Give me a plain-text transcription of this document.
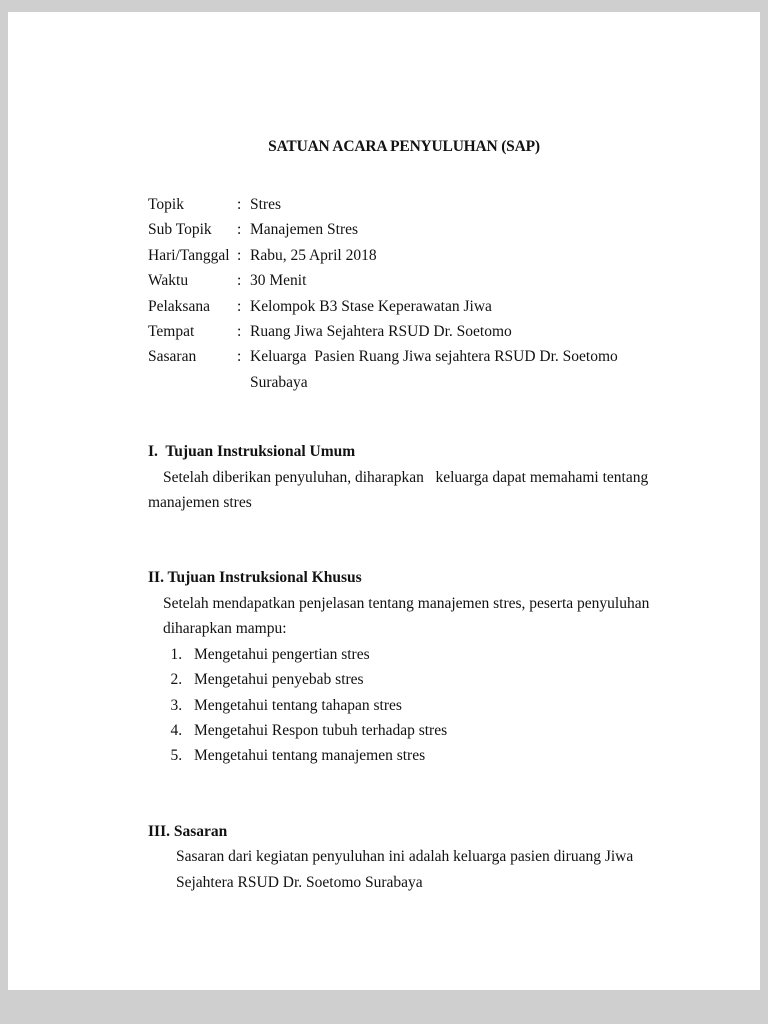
SATUAN ACARA PENYULUHAN (SAP)
Topik	: Stres
Sub Topik	: Manajemen Stres
Hari/Tanggal : Rabu, 25 April 2018
Waktu	: 30 Menit
Pelaksana	: Kelompok B3 Stase Keperawatan Jiwa
Tempat	: Ruang Jiwa Sejahtera RSUD Dr. Soetomo
Sasaran	: Keluarga  Pasien Ruang Jiwa sejahtera RSUD Dr. Soetomo
Surabaya
I.  Tujuan Instruksional Umum

Setelah diberikan penyuluhan, diharapkan   keluarga dapat memahami tentang manajemen stres

II. Tujuan Instruksional Khusus

Setelah mendapatkan penjelasan tentang manajemen stres, peserta penyuluhan diharapkan mampu:

1. Mengetahui pengertian stres
2. Mengetahui penyebab stres
3. Mengetahui tentang tahapan stres
4. Mengetahui Respon tubuh terhadap stres
5. Mengetahui tentang manajemen stres
III. Sasaran

Sasaran dari kegiatan penyuluhan ini adalah keluarga pasien diruang Jiwa Sejahtera RSUD Dr. Soetomo Surabaya
